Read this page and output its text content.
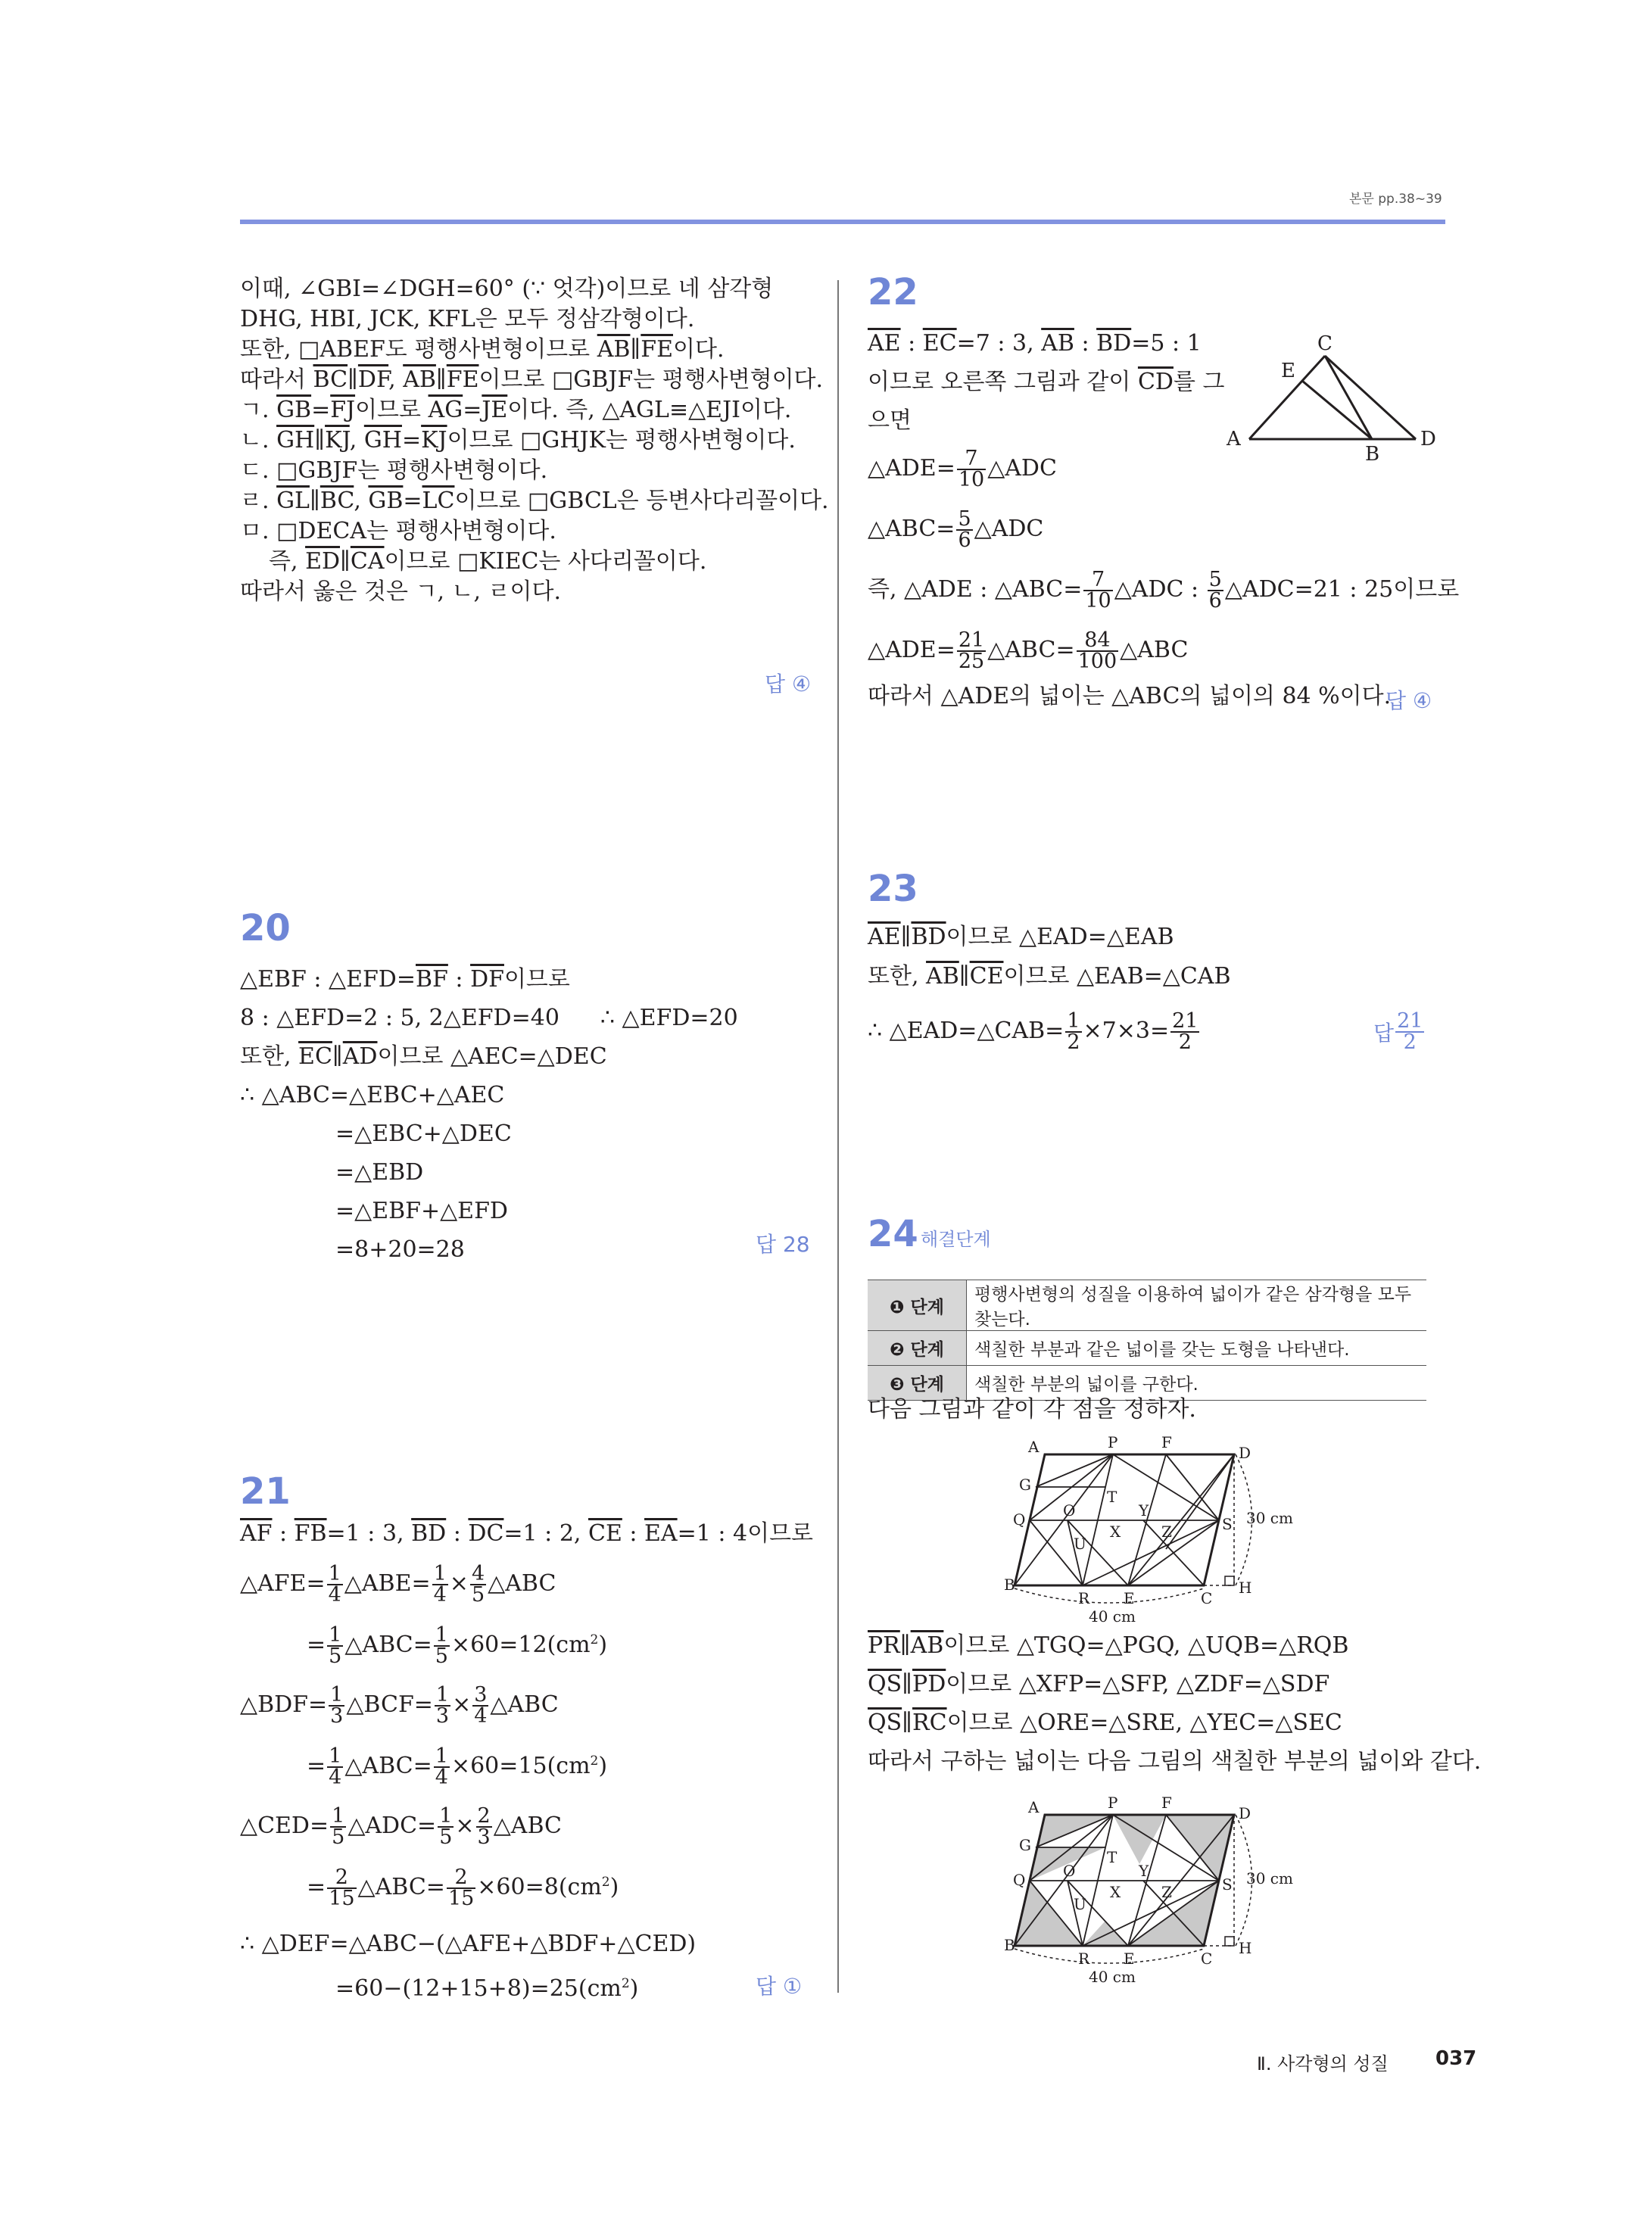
본문 pp.38~39
이때, ∠GBI=∠DGH=60° (∵ 엇각)이므로 네 삼각형
DHG, HBI, JCK, KFL은 모두 정삼각형이다.
또한, □ABEF도 평행사변형이므로 $\overline{AB}\parallel\overline{FE}$이다.
따라서 $\overline{BC}\parallel\overline{DF}$, $\overline{AB}\parallel\overline{FE}$이므로 □GBJF는 평행사변형이다.
ㄱ. $\overline{GB}=\overline{FJ}$이므로 $\overline{AG}=\overline{JE}$이다. 즉, △AGL≡△EJI이다.
ㄴ. $\overline{GH}\parallel\overline{KJ}$, $\overline{GH}=\overline{KJ}$이므로 □GHJK는 평행사변형이다.
ㄷ. □GBJF는 평행사변형이다.
ㄹ. $\overline{GL}\parallel\overline{BC}$, $\overline{GB}=\overline{LC}$이므로 □GBCL은 등변사다리꼴이다.
ㅁ. □DECA는 평행사변형이다.
즉, $\overline{ED}\parallel\overline{CA}$이므로 □KIEC는 사다리꼴이다.
따라서 옳은 것은 ㄱ, ㄴ, ㄹ이다.
답 ④
20
△EBF : $\triangle EFD=\overline{BF}$ : $\overline{DF}$이므로
8 : △EFD=2 : 5, 2△EFD=40 ∴ △EFD=20
또한, $\overline{EC}\parallel\overline{AD}$이므로 △AEC=△DEC
∴ △ABC=△EBC+△AEC
=△EBC+△DEC
=△EBD
=△EBF+△EFD
=8+20=28	답 28
21
$\overline{AF}$ : $\overline{FB}=1$ : 3, $\overline{BD}$ : $\overline{DC}=1$ : 2, $\overline{CE}$ : $\overline{EA}=1$ : 4이므로
△AFE= $\frac{1}{4}$ △ABE= $\frac{1}{4} \times \frac{4}{5}$ △ABC
= $\frac{1}{5}$ △ABC= $\frac{1}{5} \times 60=12(cm^2)$
△BDF= $\frac{1}{3}$ △BCF= $\frac{1}{3} \times \frac{3}{4}$ △ABC
= $\frac{1}{4}$ △ABC= $\frac{1}{4} \times 60=15(cm^2)$
△CED= $\frac{1}{5}$ △ADC= $\frac{1}{5} \times \frac{2}{3}$ △ABC
= $\frac{2}{15}$ △ABC= $\frac{2}{15} \times 60=8(cm^2)$
∴ △DEF=△ABC−(△AFE+△BDF+△CED)
$=60-(12+15+8)=25(cm^2)$	답 ①
22
$\overline{AE}$ : $\overline{EC}=7$ : 3, $\overline{AB}$ : $\overline{BD}=5$ : 1
이므로 오른쪽 그림과 같이 $\overline{CD}$를 그
으면
A
B
C
D
E
△ADE= $\frac{7}{10}$ △ADC
△ABC= $\frac{5}{6}$ △ADC
즉, △ADE : △ABC= $\frac{7}{10}$ △ADC : $\frac{5}{6}$ △ADC=21 : 25이므로
△ADE= $\frac{21}{25}$ △ABC= $\frac{84}{100}$ △ABC
따라서 △ADE의 넓이는 △ABC의 넓이의 84 %이다.
답 ④
23
$\overline{AE}\parallel\overline{BD}$이므로 △EAD=△EAB
또한, $\overline{AB}\parallel\overline{CE}$이므로 △EAB=△CAB
∴ △EAD=△CAB= $\frac{1}{2} \times 7\times 3= \frac{21}{2}$	답 $\frac{21}{2}$
24 해결단계
❶ 단계	평행사변형의 성질을 이용하여 넓이가 같은 삼각형을 모두 찾는다.
❷ 단계	색칠한 부분과 같은 넓이를 갖는 도형을 나타낸다.
❸ 단계	색칠한 부분의 넓이를 구한다.
다음 그림과 같이 각 점을 정하자.
A	P	F
D
G
T
Q O	Y
X	Z	S
U
B
R E	C
H
30 cm
40 cm
$\overline{PR}\parallel\overline{AB}$이므로 △TGQ=△PGQ, △UQB=△RQB
$\overline{QS}\parallel\overline{PD}$이므로 △XFP=△SFP, △ZDF=△SDF
$\overline{QS}\parallel\overline{RC}$이므로 △ORE=△SRE, △YEC=△SEC
따라서 구하는 넓이는 다음 그림의 색칠한 부분의 넓이와 같다.
A	P	F
D
G
T
Q O	Y
X	Z	S
U
B
R E	C
H
30 cm
40 cm
Ⅱ. 사각형의 성질 037
